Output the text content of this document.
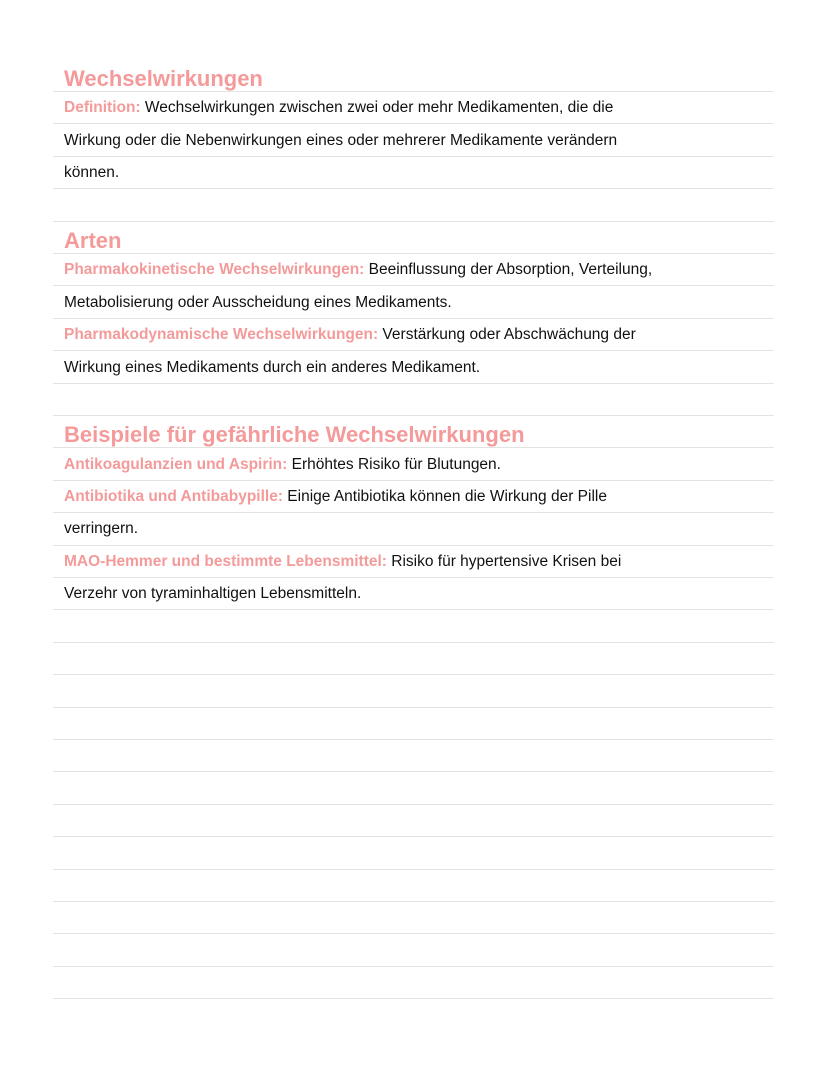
Wechselwirkungen
Definition: Wechselwirkungen zwischen zwei oder mehr Medikamenten, die die
Wirkung oder die Nebenwirkungen eines oder mehrerer Medikamente verändern
können.
Arten
Pharmakokinetische Wechselwirkungen: Beeinflussung der Absorption, Verteilung,
Metabolisierung oder Ausscheidung eines Medikaments.
Pharmakodynamische Wechselwirkungen: Verstärkung oder Abschwächung der
Wirkung eines Medikaments durch ein anderes Medikament.
Beispiele für gefährliche Wechselwirkungen
Antikoagulanzien und Aspirin: Erhöhtes Risiko für Blutungen.
Antibiotika und Antibabypille: Einige Antibiotika können die Wirkung der Pille
verringern.
MAO-Hemmer und bestimmte Lebensmittel: Risiko für hypertensive Krisen bei
Verzehr von tyraminhaltigen Lebensmitteln.
